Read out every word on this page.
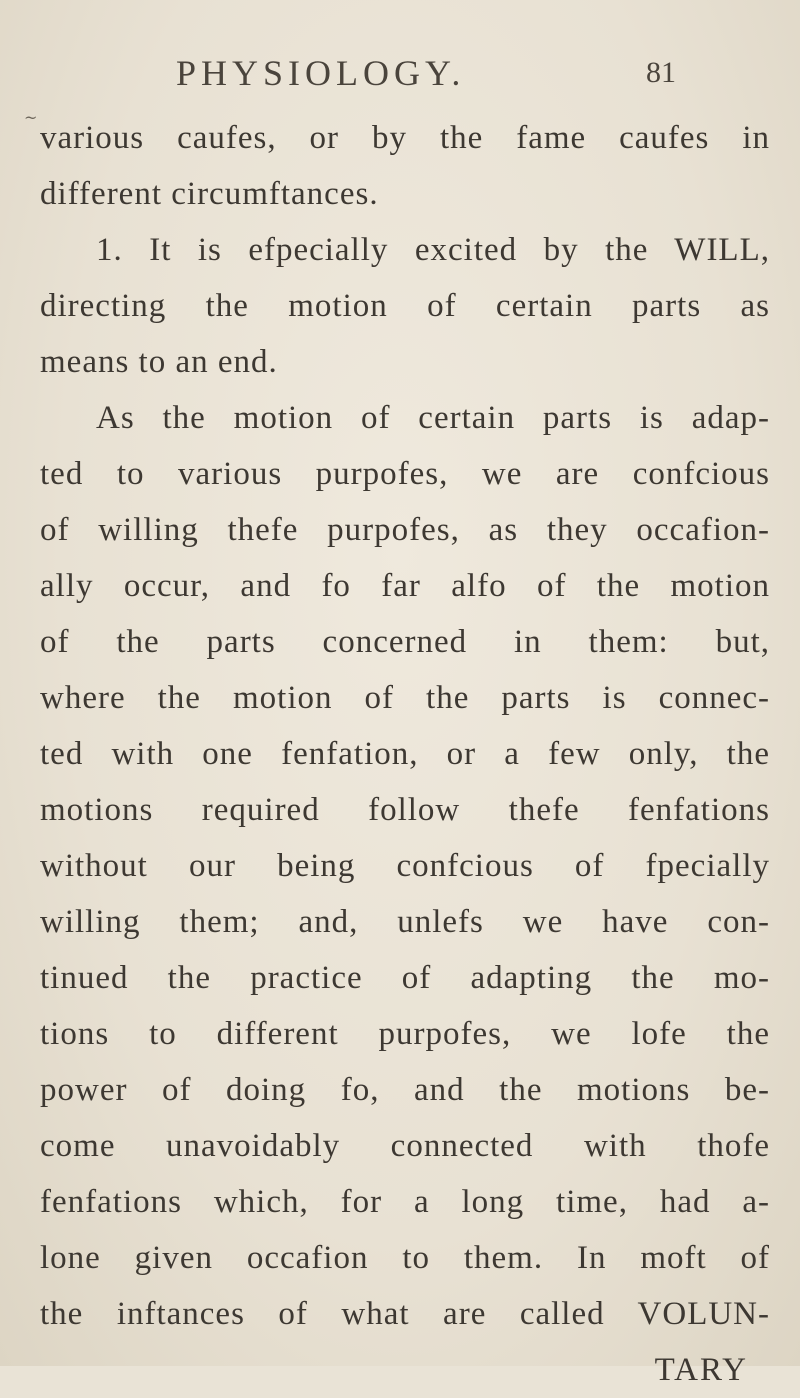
PHYSIOLOGY.	81
~
various caufes, or by the fame caufes in
different circumftances.
1. It is efpecially excited by the WILL,
directing the motion of certain parts as
means to an end.
As the motion of certain parts is adap-
ted to various purpofes, we are confcious
of willing thefe purpofes, as they occafion-
ally occur, and fo far alfo of the motion
of the parts concerned in them: but,
where the motion of the parts is connec-
ted with one fenfation, or a few only, the
motions required follow thefe fenfations
without our being confcious of fpecially
willing them; and, unlefs we have con-
tinued the practice of adapting the mo-
tions to different purpofes, we lofe the
power of doing fo, and the motions be-
come unavoidably connected with thofe
fenfations which, for a long time, had a-
lone given occafion to them. In moft of
the inftances of what are called VOLUN-
TARY
